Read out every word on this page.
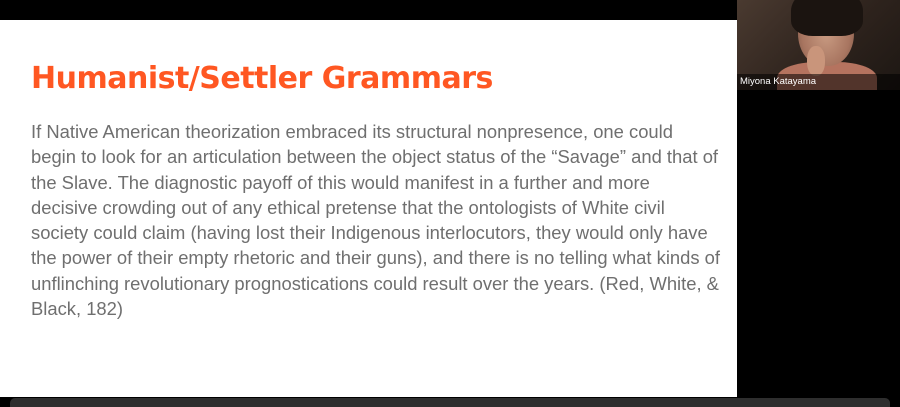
Humanist/Settler Grammars

If Native American theorization embraced its structural nonpresence, one could begin to look for an articulation between the object status of the “Savage” and that of the Slave. The diagnostic payoff of this would manifest in a further and more decisive crowding out of any ethical pretense that the ontologists of White civil society could claim (having lost their Indigenous interlocutors, they would only have the power of their empty rhetoric and their guns), and there is no telling what kinds of unflinching revolutionary prognostications could result over the years. (Red, White, & Black, 182)

Miyona Katayama
